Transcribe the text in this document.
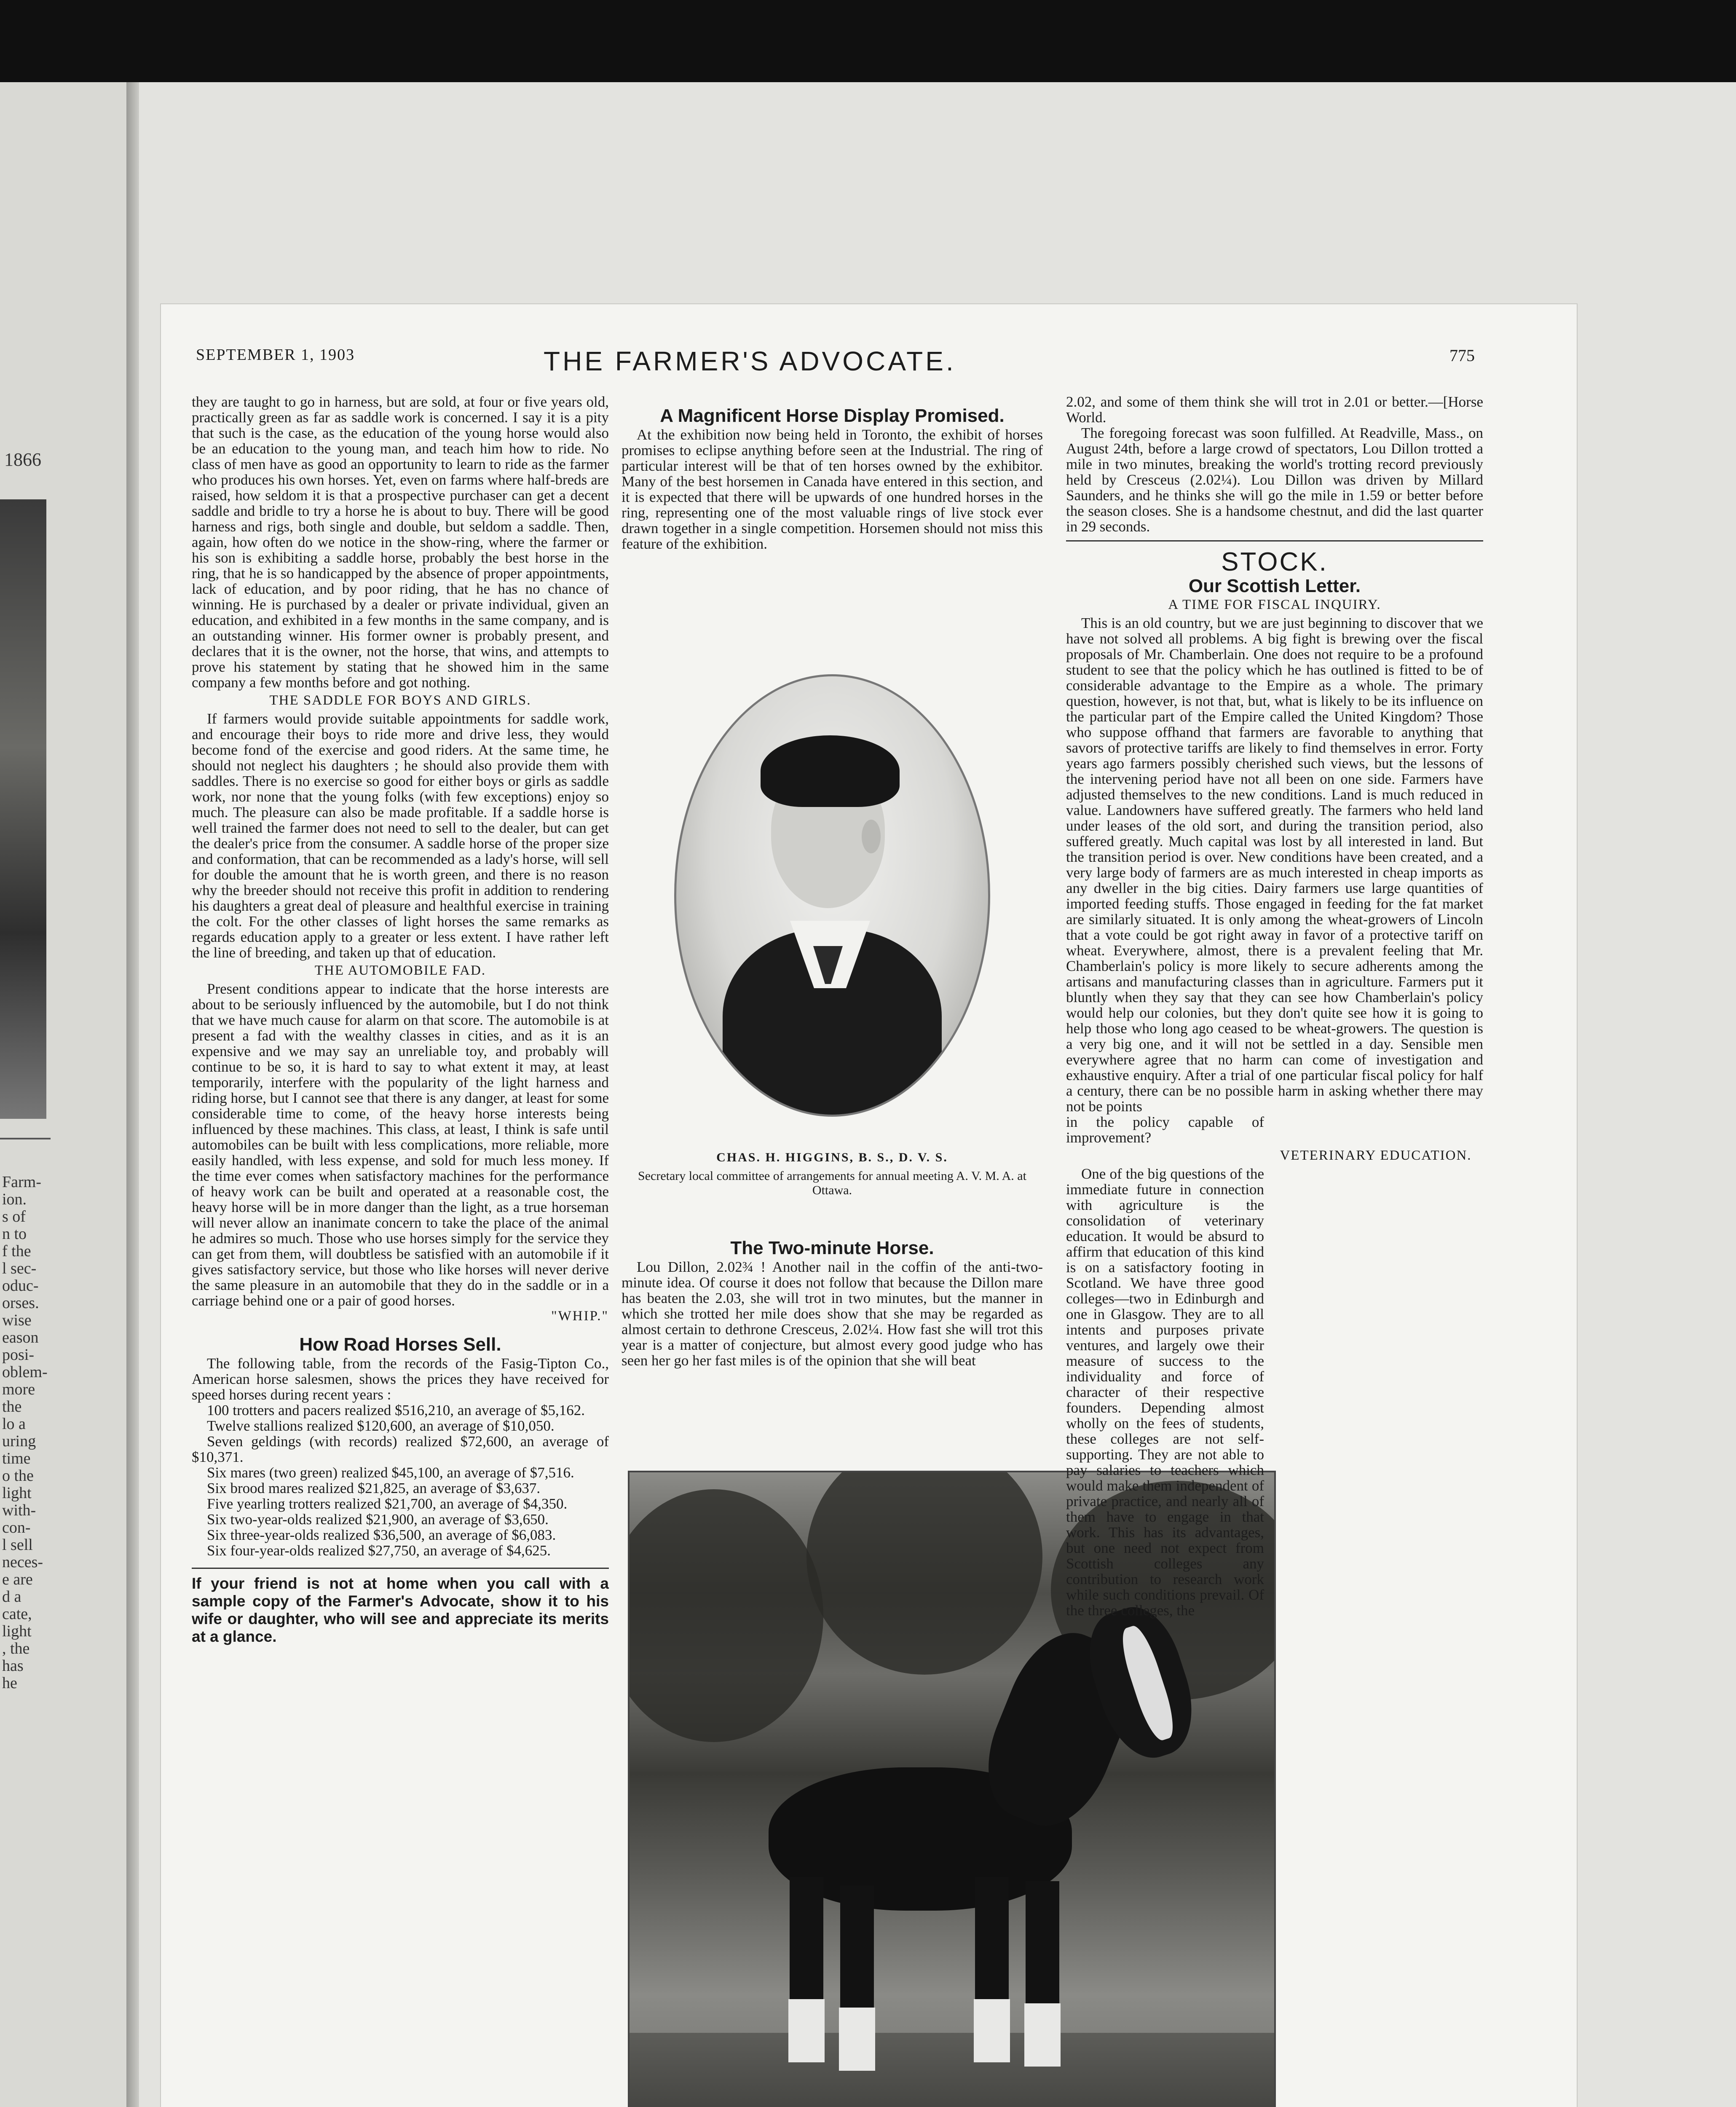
1866
Farm-
ion.
s of
n to
f the
l sec-
oduc-
orses.
wise
eason
posi-
oblem-
more
the
lo a
uring
time
o the
light
with-
con-
l sell
neces-
e are
d a
cate,
light
, the
has
he
SEPTEMBER 1, 1903	THE FARMER'S ADVOCATE.	775

they are taught to go in harness, but are sold, at four or five years old, practically green as far as saddle work is concerned. I say it is a pity that such is the case, as the education of the young horse would also be an education to the young man, and teach him how to ride. No class of men have as good an opportunity to learn to ride as the farmer who produces his own horses. Yet, even on farms where half-breds are raised, how seldom it is that a prospective purchaser can get a decent saddle and bridle to try a horse he is about to buy. There will be good harness and rigs, both single and double, but seldom a saddle. Then, again, how often do we notice in the show-ring, where the farmer or his son is exhibiting a saddle horse, probably the best horse in the ring, that he is so handicapped by the absence of proper appointments, lack of education, and by poor riding, that he has no chance of winning. He is purchased by a dealer or private individual, given an education, and exhibited in a few months in the same company, and is an outstanding winner. His former owner is probably present, and declares that it is the owner, not the horse, that wins, and attempts to prove his statement by stating that he showed him in the same company a few months before and got nothing.

THE SADDLE FOR BOYS AND GIRLS.

If farmers would provide suitable appointments for saddle work, and encourage their boys to ride more and drive less, they would become fond of the exercise and good riders. At the same time, he should not neglect his daughters ; he should also provide them with saddles. There is no exercise so good for either boys or girls as saddle work, nor none that the young folks (with few exceptions) enjoy so much. The pleasure can also be made profitable. If a saddle horse is well trained the farmer does not need to sell to the dealer, but can get the dealer's price from the consumer. A saddle horse of the proper size and conformation, that can be recommended as a lady's horse, will sell for double the amount that he is worth green, and there is no reason why the breeder should not receive this profit in addition to rendering his daughters a great deal of pleasure and healthful exercise in training the colt. For the other classes of light horses the same remarks as regards education apply to a greater or less extent. I have rather left the line of breeding, and taken up that of education.

THE AUTOMOBILE FAD.

Present conditions appear to indicate that the horse interests are about to be seriously influenced by the automobile, but I do not think that we have much cause for alarm on that score. The automobile is at present a fad with the wealthy classes in cities, and as it is an expensive and we may say an unreliable toy, and probably will continue to be so, it is hard to say to what extent it may, at least temporarily, interfere with the popularity of the light harness and riding horse, but I cannot see that there is any danger, at least for some considerable time to come, of the heavy horse interests being influenced by these machines. This class, at least, I think is safe until automobiles can be built with less complications, more reliable, more easily handled, with less expense, and sold for much less money. If the time ever comes when satisfactory machines for the performance of heavy work can be built and operated at a reasonable cost, the heavy horse will be in more danger than the light, as a true horseman will never allow an inanimate concern to take the place of the animal he admires so much. Those who use horses simply for the service they can get from them, will doubtless be satisfied with an automobile if it gives satisfactory service, but those who like horses will never derive the same pleasure in an automobile that they do in the saddle or in a carriage behind one or a pair of good horses.

"WHIP."
How Road Horses Sell.

The following table, from the records of the Fasig-Tipton Co., American horse salesmen, shows the prices they have received for speed horses during recent years :

100 trotters and pacers realized $516,210, an average of $5,162.

Twelve stallions realized $120,600, an average of $10,050.

Seven geldings (with records) realized $72,600, an average of $10,371.

Six mares (two green) realized $45,100, an average of $7,516.

Six brood mares realized $21,825, an average of $3,637.

Five yearling trotters realized $21,700, an average of $4,350.

Six two-year-olds realized $21,900, an average of $3,650.

Six three-year-olds realized $36,500, an average of $6,083.

Six four-year-olds realized $27,750, an average of $4,625.

If your friend is not at home when you call with a sample copy of the Farmer's Advocate, show it to his wife or daughter, who will see and appreciate its merits at a glance.
A Magnificent Horse Display Promised.

At the exhibition now being held in Toronto, the exhibit of horses promises to eclipse anything before seen at the Industrial. The ring of particular interest will be that of ten horses owned by the exhibitor. Many of the best horsemen in Canada have entered in this section, and it is expected that there will be upwards of one hundred horses in the ring, representing one of the most valuable rings of live stock ever drawn together in a single competition. Horsemen should not miss this feature of the exhibition.

CHAS. H. HIGGINS, B. S., D. V. S.
Secretary local committee of arrangements for annual meeting A. V. M. A. at Ottawa.
The Two-minute Horse.

Lou Dillon, 2.02¾ ! Another nail in the coffin of the anti-two-minute idea. Of course it does not follow that because the Dillon mare has beaten the 2.03, she will trot in two minutes, but the manner in which she trotted her mile does show that she may be regarded as almost certain to dethrone Cresceus, 2.02¼. How fast she will trot this year is a matter of conjecture, but almost every good judge who has seen her go her fast miles is of the opinion that she will beat

2.02, and some of them think she will trot in 2.01 or better.—[Horse World.

The foregoing forecast was soon fulfilled. At Readville, Mass., on August 24th, before a large crowd of spectators, Lou Dillon trotted a mile in two minutes, breaking the world's trotting record previously held by Cresceus (2.02¼). Lou Dillon was driven by Millard Saunders, and he thinks she will go the mile in 1.59 or better before the season closes. She is a handsome chestnut, and did the last quarter in 29 seconds.

STOCK.
Our Scottish Letter.
A TIME FOR FISCAL INQUIRY.

This is an old country, but we are just beginning to discover that we have not solved all problems. A big fight is brewing over the fiscal proposals of Mr. Chamberlain. One does not require to be a profound student to see that the policy which he has outlined is fitted to be of considerable advantage to the Empire as a whole. The primary question, however, is not that, but, what is likely to be its influence on the particular part of the Empire called the United Kingdom? Those who suppose offhand that farmers are favorable to anything that savors of protective tariffs are likely to find themselves in error. Forty years ago farmers possibly cherished such views, but the lessons of the intervening period have not all been on one side. Farmers have adjusted themselves to the new conditions. Land is much reduced in value. Landowners have suffered greatly. The farmers who held land under leases of the old sort, and during the transition period, also suffered greatly. Much capital was lost by all interested in land. But the transition period is over. New conditions have been created, and a very large body of farmers are as much interested in cheap imports as any dweller in the big cities. Dairy farmers use large quantities of imported feeding stuffs. Those engaged in feeding for the fat market are similarly situated. It is only among the wheat-growers of Lincoln that a vote could be got right away in favor of a protective tariff on wheat. Everywhere, almost, there is a prevalent feeling that Mr. Chamberlain's policy is more likely to secure adherents among the artisans and manufacturing classes than in agriculture. Farmers put it bluntly when they say that they can see how Chamberlain's policy would help our colonies, but they don't quite see how it is going to help those who long ago ceased to be wheat-growers. The question is a very big one, and it will not be settled in a day. Sensible men everywhere agree that no harm can come of investigation and exhaustive enquiry. After a trial of one particular fiscal policy for half a century, there can be no possible harm in asking whether there may not be points

in the policy capable of improvement?

VETERINARY EDUCATION.

One of the big questions of the immediate future in connection with agriculture is the consolidation of veterinary education. It would be absurd to affirm that education of this kind is on a satisfactory footing in Scotland. We have three good colleges—two in Edinburgh and one in Glasgow. They are to all intents and purposes private ventures, and largely owe their measure of success to the individuality and force of character of their respective founders. Depending almost wholly on the fees of students, these colleges are not self-supporting. They are not able to pay salaries to teachers which would make them independent of private practice, and nearly all of them have to engage in that work. This has its advantages, but one need not expect from Scottish colleges any contribution to research work while such conditions prevail. Of the three colleges, the
